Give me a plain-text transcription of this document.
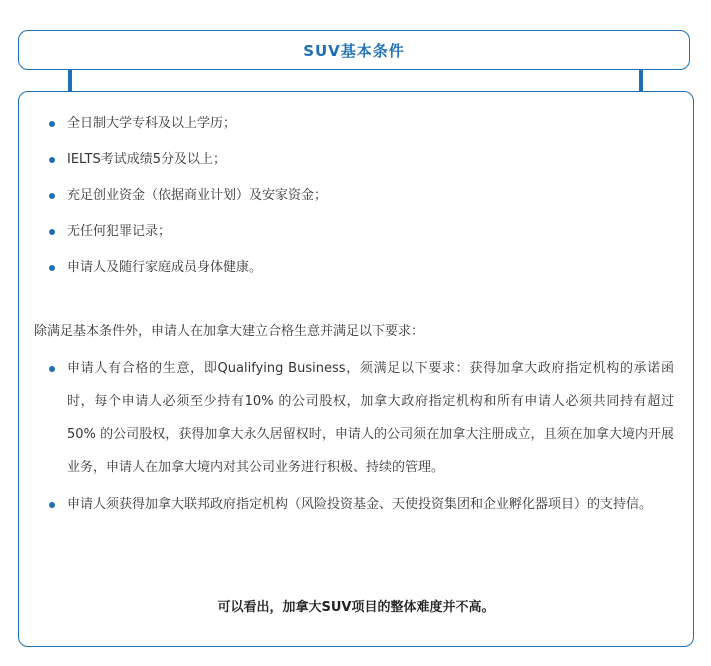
SUV基本条件
全日制大学专科及以上学历；
IELTS考试成绩5分及以上；
充足创业资金（依据商业计划）及安家资金；
无任何犯罪记录；
申请人及随行家庭成员身体健康。
除满足基本条件外，申请人在加拿大建立合格生意并满足以下要求：
申请人有合格的生意，即Qualifying Business，须满足以下要求：获得加拿大政府指定机构的承诺函时，每个申请人必须至少持有10% 的公司股权，加拿大政府指定机构和所有申请人必须共同持有超过50% 的公司股权，获得加拿大永久居留权时，申请人的公司须在加拿大注册成立，且须在加拿大境内开展业务，申请人在加拿大境内对其公司业务进行积极、持续的管理。
申请人须获得加拿大联邦政府指定机构（风险投资基金、天使投资集团和企业孵化器项目）的支持信。
可以看出，加拿大SUV项目的整体难度并不高。
